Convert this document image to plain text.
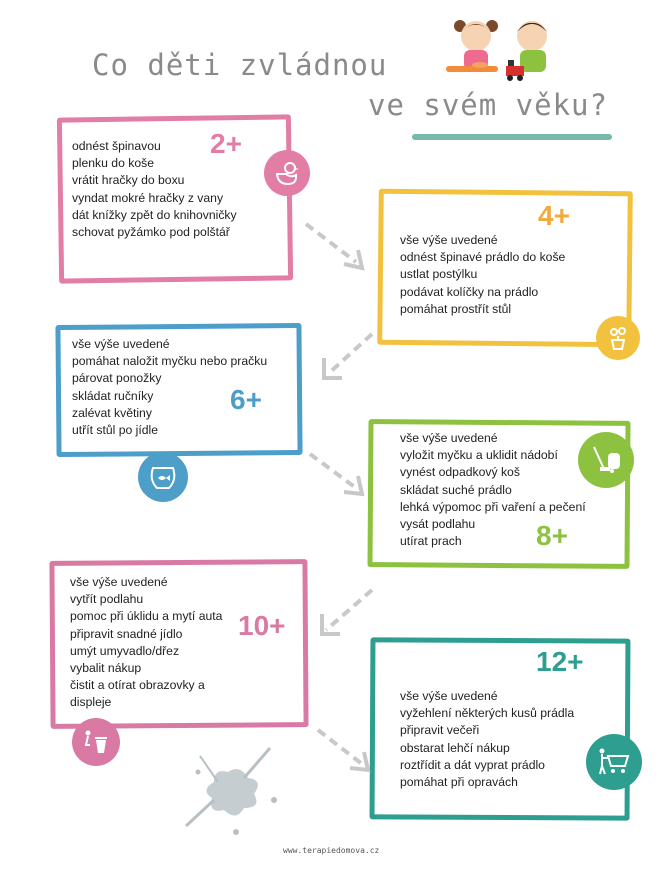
Co děti zvládnou
ve svém věku?
odnést špinavou
plenku do koše
vrátit hračky do boxu
vyndat mokré hračky z vany
dát knížky zpět do knihovničky
schovat pyžámko pod polštář
2+
vše výše uvedené
odnést špinavé prádlo do koše
ustlat postýlku
podávat kolíčky na prádlo
pomáhat prostřít stůl
4+
vše výše uvedené
pomáhat naložit myčku nebo pračku
párovat ponožky
skládat ručníky
zalévat květiny
utřít stůl po jídle
6+
vše výše uvedené
vyložit myčku a uklidit nádobí
vynést odpadkový koš
skládat suché prádlo
lehká výpomoc při vaření a pečení
vysát podlahu
utírat prach	8+
vše výše uvedené
vytřít podlahu
pomoc při úklidu a mytí auta
připravit snadné jídlo
umýt umyvadlo/dřez
vybalit nákup
čistit a otírat obrazovky a
displeje
10+
vše výše uvedené
vyžehlení některých kusů prádla
připravit večeři
obstarat lehčí nákup
roztřídit a dát vyprat prádlo
pomáhat při opravách
12+
www.terapiedomova.cz
